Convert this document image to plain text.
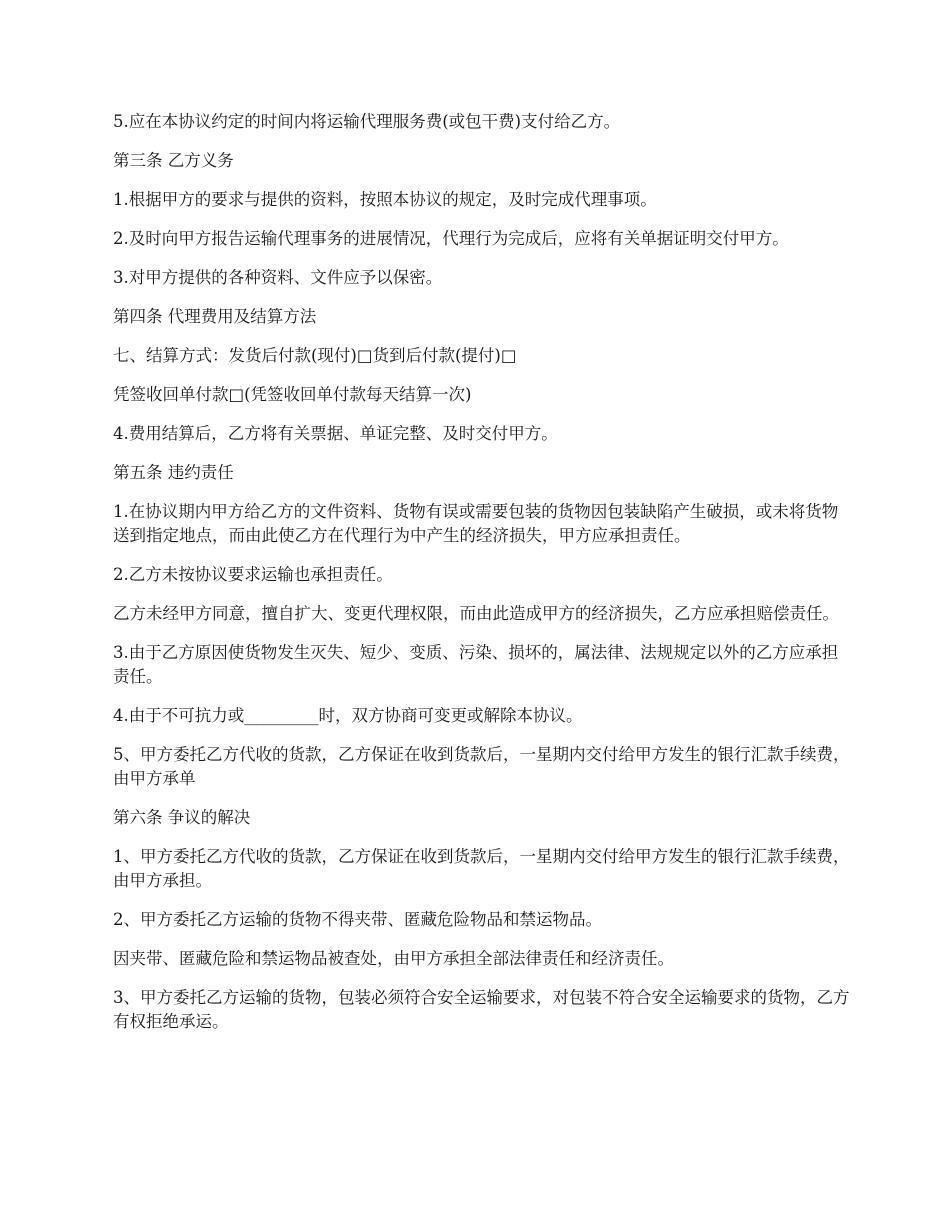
5.应在本协议约定的时间内将运输代理服务费(或包干费)支付给乙方。

第三条 乙方义务

1.根据甲方的要求与提供的资料，按照本协议的规定，及时完成代理事项。

2.及时向甲方报告运输代理事务的进展情况，代理行为完成后，应将有关单据证明交付甲方。

3.对甲方提供的各种资料、文件应予以保密。

第四条 代理费用及结算方法

七、结算方式：发货后付款(现付)□货到后付款(提付)□

凭签收回单付款□(凭签收回单付款每天结算一次)

4.费用结算后，乙方将有关票据、单证完整、及时交付甲方。

第五条 违约责任

1.在协议期内甲方给乙方的文件资料、货物有误或需要包装的货物因包装缺陷产生破损，或未将货物送到指定地点，而由此使乙方在代理行为中产生的经济损失，甲方应承担责任。

2.乙方未按协议要求运输也承担责任。

乙方未经甲方同意，擅自扩大、变更代理权限，而由此造成甲方的经济损失，乙方应承担赔偿责任。

3.由于乙方原因使货物发生灭失、短少、变质、污染、损坏的，属法律、法规规定以外的乙方应承担责任。

4.由于不可抗力或_________时，双方协商可变更或解除本协议。

5、甲方委托乙方代收的货款，乙方保证在收到货款后，一星期内交付给甲方发生的银行汇款手续费，由甲方承单

第六条 争议的解决

1、甲方委托乙方代收的货款，乙方保证在收到货款后，一星期内交付给甲方发生的银行汇款手续费，由甲方承担。

2、甲方委托乙方运输的货物不得夹带、匿藏危险物品和禁运物品。

因夹带、匿藏危险和禁运物品被查处，由甲方承担全部法律责任和经济责任。

3、甲方委托乙方运输的货物，包装必须符合安全运输要求，对包装不符合安全运输要求的货物，乙方有权拒绝承运。
